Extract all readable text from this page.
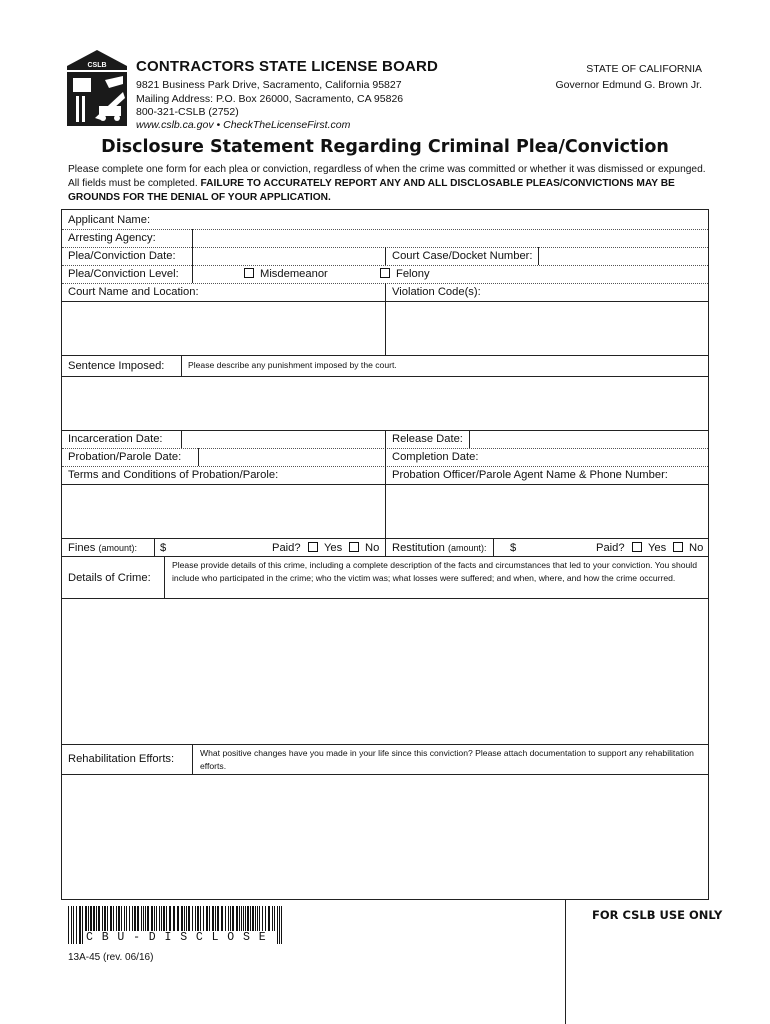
CSLB CONTRACTORS STATE LICENSE BOARD
9821 Business Park Drive, Sacramento, California 95827
Mailing Address: P.O. Box 26000, Sacramento, CA 95826
800-321-CSLB (2752)
www.cslb.ca.gov • CheckTheLicenseFirst.com
STATE OF CALIFORNIA
Governor Edmund G. Brown Jr.
Disclosure Statement Regarding Criminal Plea/Conviction
Please complete one form for each plea or conviction, regardless of when the crime was committed or whether it was dismissed or expunged. All fields must be completed. FAILURE TO ACCURATELY REPORT ANY AND ALL DISCLOSABLE PLEAS/CONVICTIONS MAY BE GROUNDS FOR THE DENIAL OF YOUR APPLICATION.
Applicant Name:
Arresting Agency:
Plea/Conviction Date:	Court Case/Docket Number:
Plea/Conviction Level:	Misdemeanor	Felony
Court Name and Location:	Violation Code(s):
Sentence Imposed:	Please describe any punishment imposed by the court.
Incarceration Date:	Release Date:
Probation/Parole Date:	Completion Date:
Terms and Conditions of Probation/Parole:	Probation Officer/Parole Agent Name & Phone Number:
Fines (amount): $	Paid?	Yes	No Restitution (amount): $	Paid?	Yes	No
Details of Crime:
Please provide details of this crime, including a complete description of the facts and circumstances that led to your conviction. You should include who participated in the crime; who the victim was; what losses were suffered; and when, where, and how the crime occurred.
Rehabilitation Efforts:	What positive changes have you made in your life since this conviction? Please attach documentation to support any rehabilitation efforts.
FOR CSLB USE ONLY
CBU-DISCLOSE
13A-45 (rev. 06/16)
